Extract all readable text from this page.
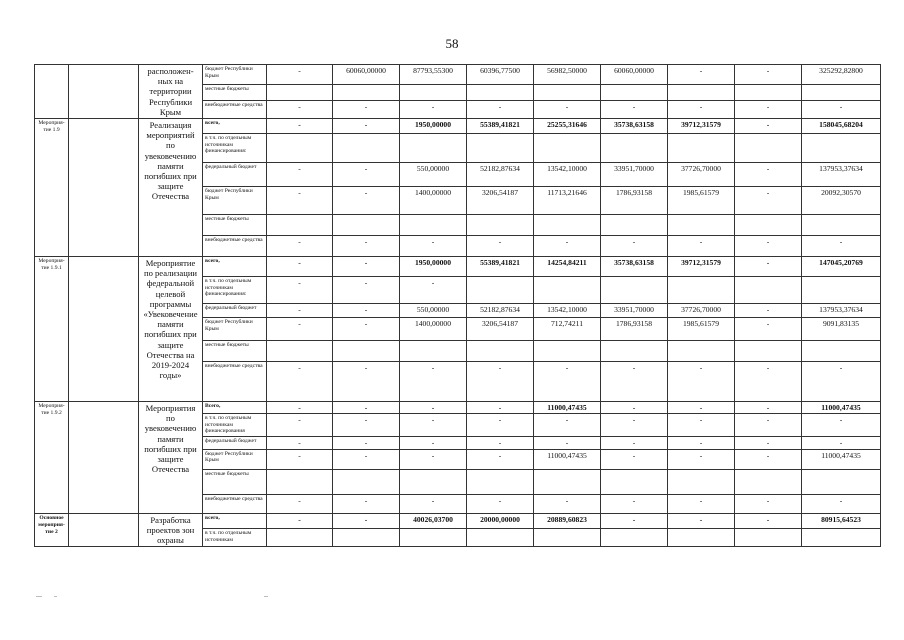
58
		расположен-ных на территории Республики Крым	бюджет Республики Крым	-	60060,00000	87793,55300	60396,77500	56982,50000	60060,00000	-	-	325292,82800
			местные бюджеты									
			внебюджетные средства	-	-	-	-	-	-	-	-	-
Мероприя-тие 1.9		Реализация мероприятий по увековечению памяти погибших при защите Отечества	всего,	-	-	1950,00000	55389,41821	25255,31646	35738,63158	39712,31579	-	158045,68204
			в т.ч. по отдельным источникам финансирования:									
			федеральный бюджет	-	-	550,00000	52182,87634	13542,10000	33951,70000	37726,70000	-	137953,37634
			бюджет Республики Крым	-	-	1400,00000	3206,54187	11713,21646	1786,93158	1985,61579	-	20092,30570
			местные бюджеты									
			внебюджетные средства	-	-	-	-	-	-	-	-	-
Мероприя-тие 1.9.1		Мероприятие по реализации федеральной целевой программы «Увековечение памяти погибших при защите Отечества на 2019-2024 годы»	всего,	-	-	1950,00000	55389,41821	14254,84211	35738,63158	39712,31579	-	147045,20769
			в т.ч. по отдельным источникам финансирования:	-	-	-						
			федеральный бюджет	-	-	550,00000	52182,87634	13542,10000	33951,70000	37726,70000	-	137953,37634
			бюджет Республики Крым	-	-	1400,00000	3206,54187	712,74211	1786,93158	1985,61579	-	9091,83135
			местные бюджеты									
			внебюджетные средства	-	-	-	-	-	-	-	-	-
Мероприя-тие 1.9.2		Мероприятия по увековечению памяти погибших при защите Отечества	Всего,	-	-	-	-	11000,47435	-	-	-	11000,47435
			в т.ч. по отдельным источникам финансирования	-	-	-	-	-	-	-	-	-
			федеральный бюджет	-	-	-	-	-	-	-	-	-
			бюджет Республики Крым	-	-	-	-	11000,47435	-	-	-	11000,47435
			местные бюджеты									
			внебюджетные средства	-	-	-	-	-	-	-	-	-
Основное мероприя-тие 2		Разработка проектов зон охраны	всего,	-	-	40026,03700	20000,00000	20889,60823	-	-	-	80915,64523
			в т.ч. по отдельным источникам									
